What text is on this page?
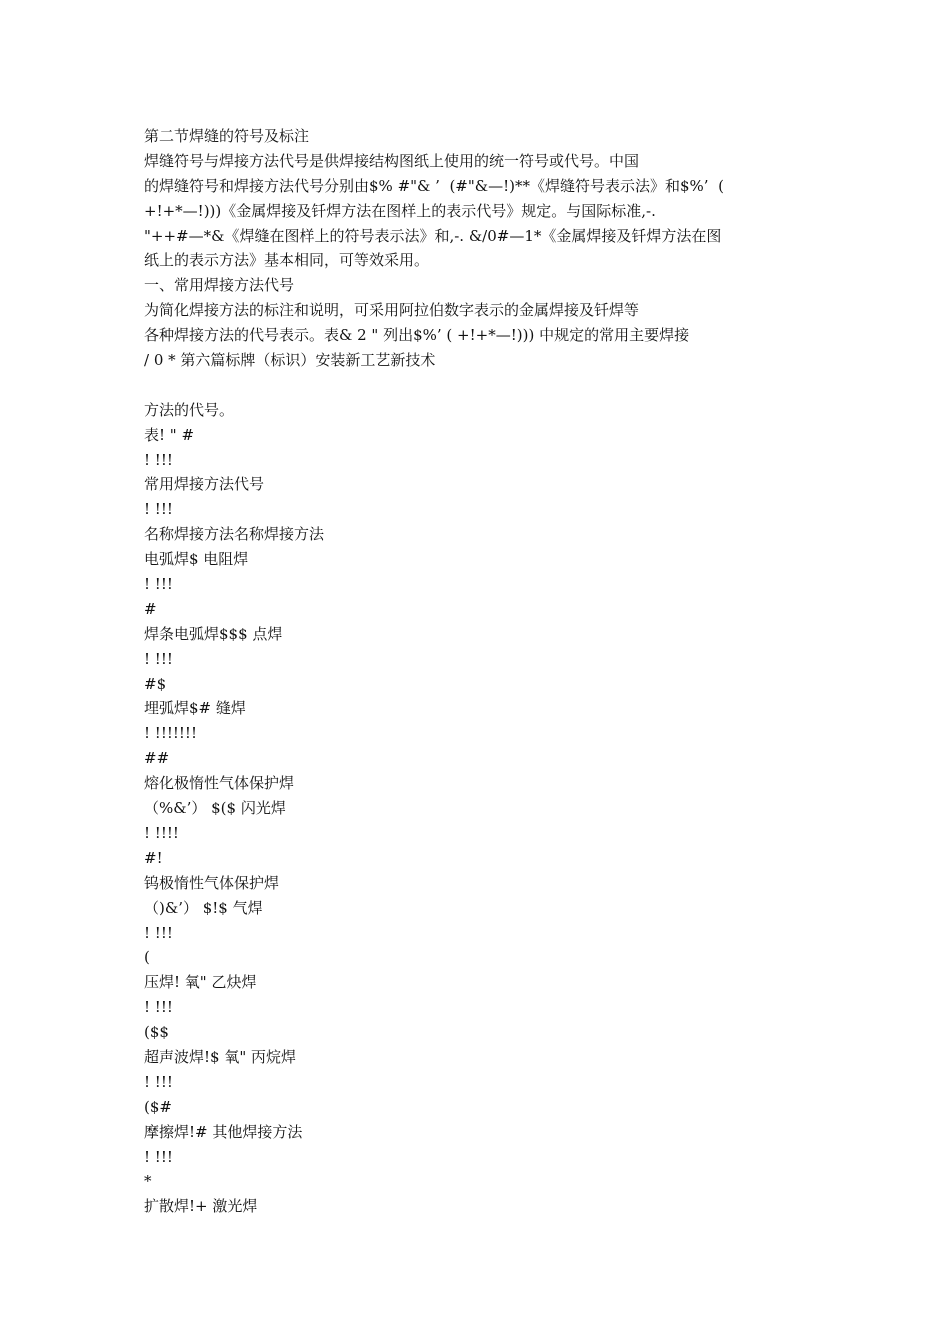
第二节焊缝的符号及标注
焊缝符号与焊接方法代号是供焊接结构图纸上使用的统一符号或代号。中国
的焊缝符号和焊接方法代号分别由$% #"& ’  (#"&—!)**《焊缝符号表示法》和$%’  (
+!+*—!)))《金属焊接及钎焊方法在图样上的表示代号》规定。与国际标准,-.
"++#—*&《焊缝在图样上的符号表示法》和,-. &/0#—1*《金属焊接及钎焊方法在图
纸上的表示方法》基本相同，可等效采用。
一、常用焊接方法代号
为简化焊接方法的标注和说明，可采用阿拉伯数字表示的金属焊接及钎焊等
各种焊接方法的代号表示。表& 2 " 列出$%’ ( +!+*—!))) 中规定的常用主要焊接
/ 0 * 第六篇标牌（标识）安装新工艺新技术
方法的代号。
表! " #
! !!!
常用焊接方法代号
! !!!
名称焊接方法名称焊接方法
电弧焊$ 电阻焊
! !!!
#
焊条电弧焊$$$ 点焊
! !!!
#$
埋弧焊$# 缝焊
! !!!!!!!
##
熔化极惰性气体保护焊
（%&’） $($ 闪光焊
! !!!!
#!
钨极惰性气体保护焊
（)&’） $!$ 气焊
! !!!
(
压焊! 氧" 乙炔焊
! !!!
($$
超声波焊!$ 氧" 丙烷焊
! !!!
($#
摩擦焊!# 其他焊接方法
! !!!
*
扩散焊!+ 激光焊
